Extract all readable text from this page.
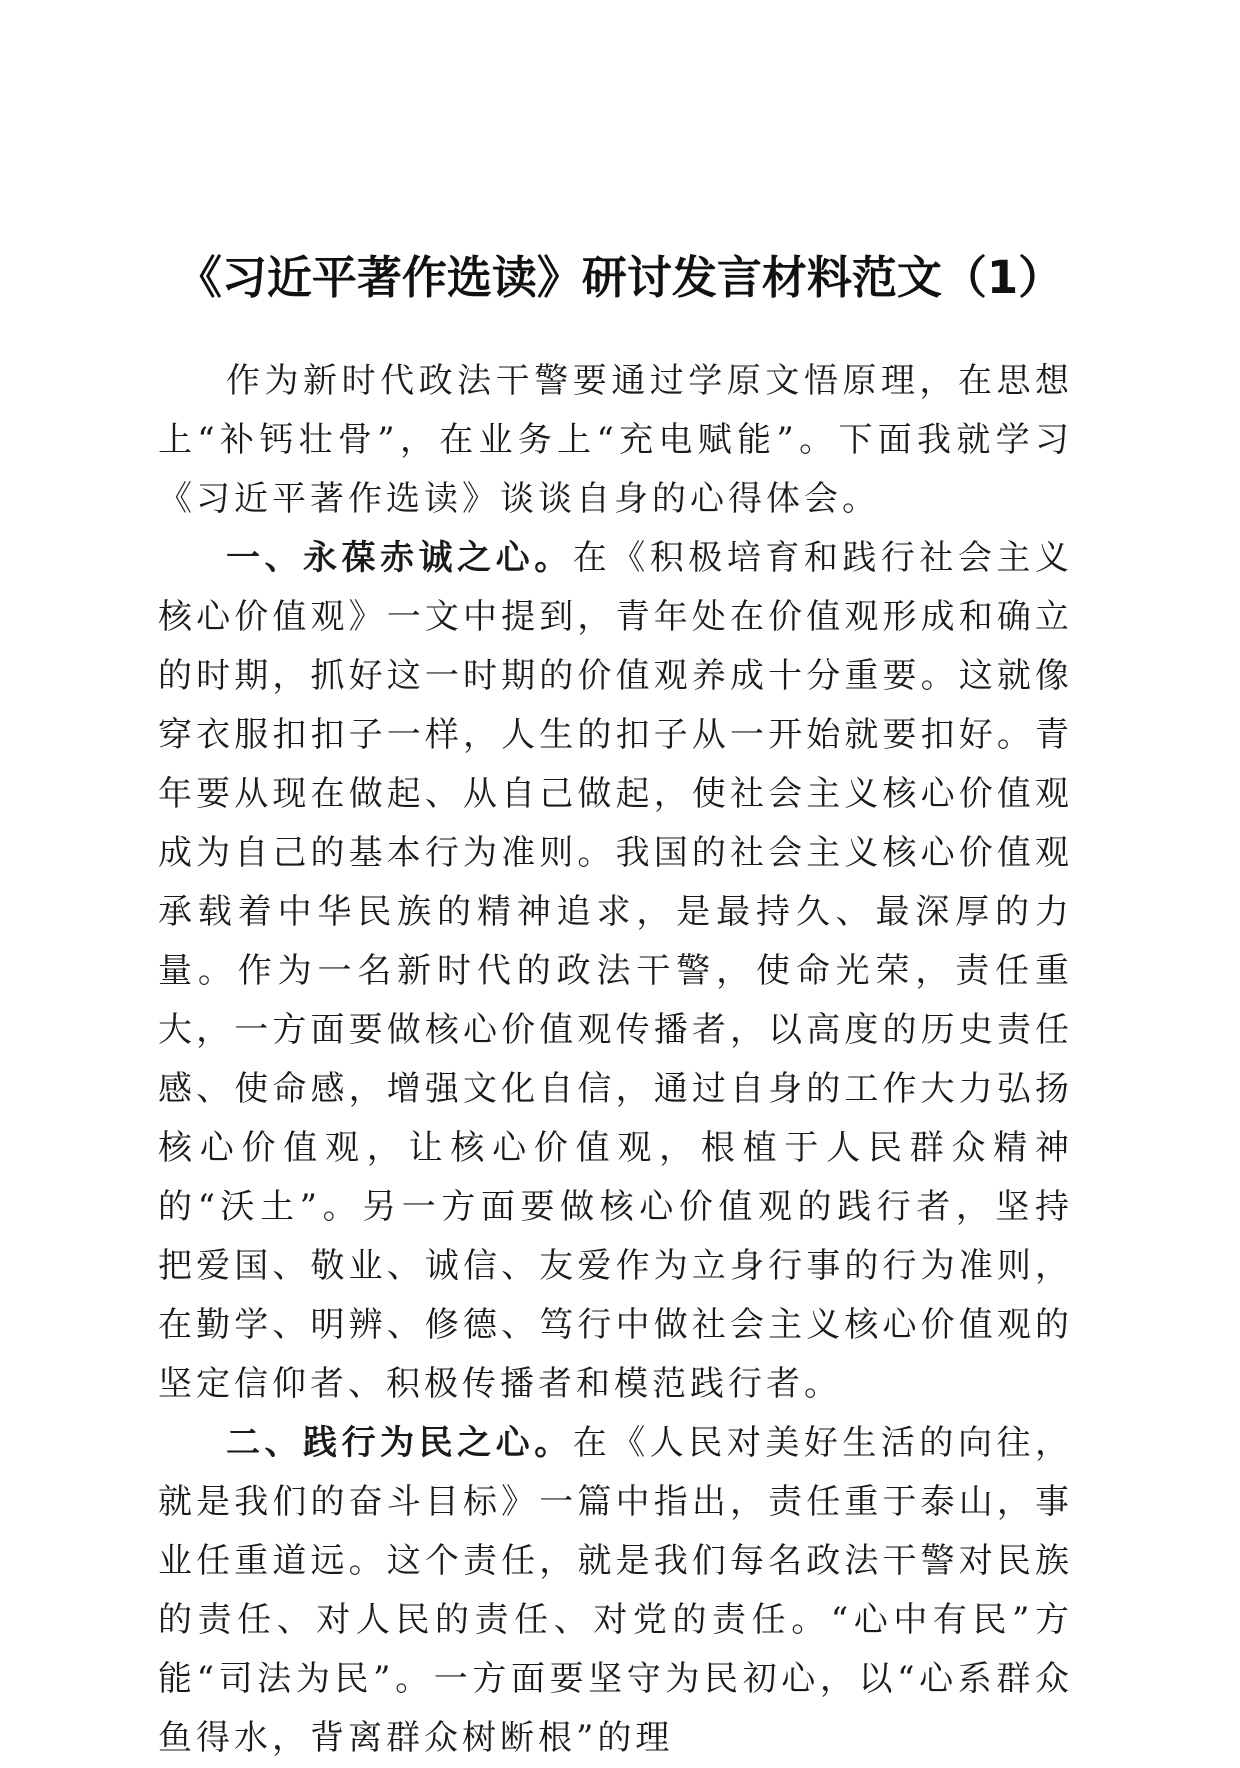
《习近平著作选读》研讨发言材料范文（1）

作为新时代政法干警要通过学原文悟原理，在思想上“补钙壮骨”，在业务上“充电赋能”。下面我就学习《习近平著作选读》谈谈自身的心得体会。

一、永葆赤诚之心。在《积极培育和践行社会主义核心价值观》一文中提到，青年处在价值观形成和确立的时期，抓好这一时期的价值观养成十分重要。这就像穿衣服扣扣子一样，人生的扣子从一开始就要扣好。青年要从现在做起、从自己做起，使社会主义核心价值观成为自己的基本行为准则。我国的社会主义核心价值观承载着中华民族的精神追求，是最持久、最深厚的力量。作为一名新时代的政法干警，使命光荣，责任重大，一方面要做核心价值观传播者，以高度的历史责任感、使命感，增强文化自信，通过自身的工作大力弘扬核心价值观，让核心价值观，根植于人民群众精神的“沃土”。另一方面要做核心价值观的践行者，坚持把爱国、敬业、诚信、友爱作为立身行事的行为准则，在勤学、明辨、修德、笃行中做社会主义核心价值观的坚定信仰者、积极传播者和模范践行者。

二、践行为民之心。在《人民对美好生活的向往，就是我们的奋斗目标》一篇中指出，责任重于泰山，事业任重道远。这个责任，就是我们每名政法干警对民族的责任、对人民的责任、对党的责任。“心中有民”方能“司法为民”。一方面要坚守为民初心，以“心系群众鱼得水，背离群众树断根”的理
